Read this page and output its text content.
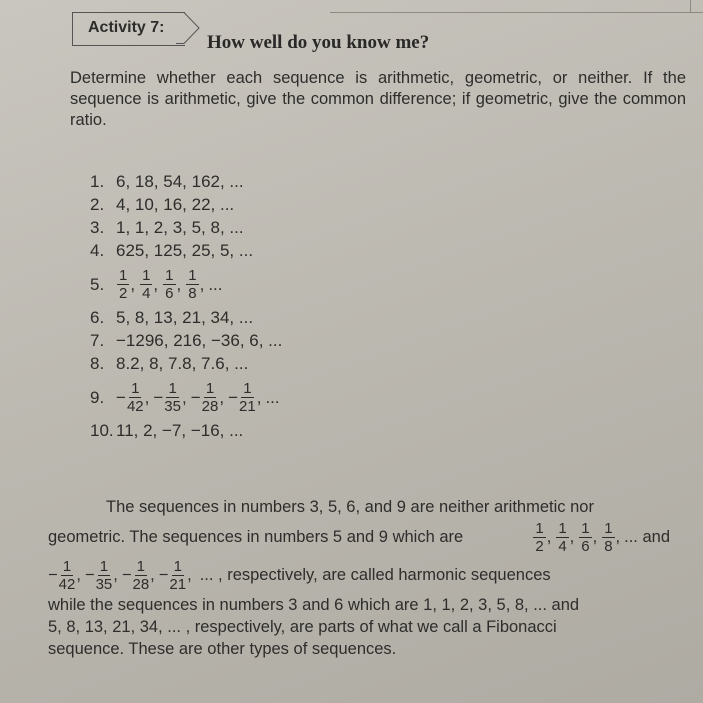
Activity 7:
How well do you know me?
Determine whether each sequence is arithmetic, geometric, or neither. If the sequence is arithmetic, give the common difference; if geometric, give the common ratio.
1. 6, 18, 54, 162, ...
2. 4, 10, 16, 22, ...
3. 1, 1, 2, 3, 5, 8, ...
4. 625, 125, 25, 5, ...
5. $\frac{1}{2}$ , $\frac{1}{4}$ , $\frac{1}{6}$ , $\frac{1}{8}$ , ...
6. 5, 8, 13, 21, 34, ...
7. −1296, 216, −36, 6, ...
8. 8.2, 8, 7.8, 7.6, ...
9. − $\frac{1}{42}$ , − $\frac{1}{35}$ , − $\frac{1}{28}$ , − $\frac{1}{21}$ , ...
10. 11, 2, −7, −16, ...
The sequences in numbers 3, 5, 6, and 9 are neither arithmetic nor
geometric. The sequences in numbers 5 and 9 which are	$\frac{1}{2}$ , $\frac{1}{4}$ , $\frac{1}{6}$ , $\frac{1}{8}$ , ... and
− $\frac{1}{42}$ , − $\frac{1}{35}$ , − $\frac{1}{28}$ , − $\frac{1}{21}$ , ... , respectively, are called harmonic sequences
while the sequences in numbers 3 and 6 which are 1, 1, 2, 3, 5, 8, ... and
5, 8, 13, 21, 34, ... , respectively, are parts of what we call a Fibonacci
sequence. These are other types of sequences.
